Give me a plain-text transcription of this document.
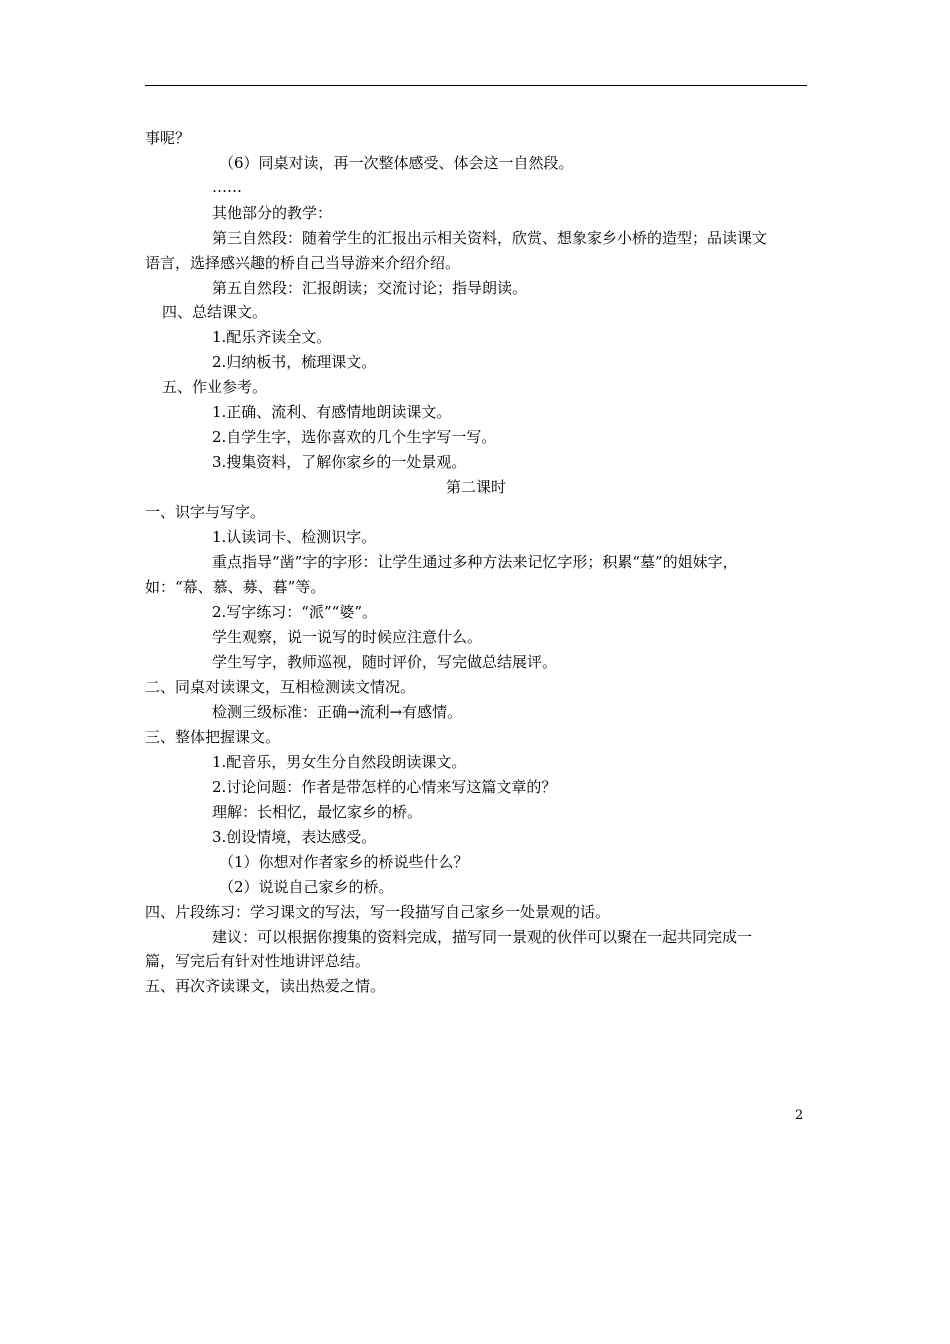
事呢？
（6）同桌对读，再一次整体感受、体会这一自然段。
……
其他部分的教学：
第三自然段：随着学生的汇报出示相关资料，欣赏、想象家乡小桥的造型；品读课文
语言，选择感兴趣的桥自己当导游来介绍介绍。
第五自然段：汇报朗读；交流讨论；指导朗读。
四、总结课文。
1.配乐齐读全文。
2.归纳板书，梳理课文。
五、作业参考。
1.正确、流利、有感情地朗读课文。
2.自学生字，选你喜欢的几个生字写一写。
3.搜集资料，了解你家乡的一处景观。
第二课时
一、识字与写字。
1.认读词卡、检测识字。
重点指导“凿”字的字形：让学生通过多种方法来记忆字形；积累“墓”的姐妹字，
如：“幕、慕、募、暮”等。
2.写字练习：“派”“婆”。
学生观察，说一说写的时候应注意什么。
学生写字，教师巡视，随时评价，写完做总结展评。
二、同桌对读课文，互相检测读文情况。
检测三级标准：正确→流利→有感情。
三、整体把握课文。
1.配音乐，男女生分自然段朗读课文。
2.讨论问题：作者是带怎样的心情来写这篇文章的？
理解：长相忆，最忆家乡的桥。
3.创设情境，表达感受。
（1）你想对作者家乡的桥说些什么？
（2）说说自己家乡的桥。
四、片段练习：学习课文的写法，写一段描写自己家乡一处景观的话。
建议：可以根据你搜集的资料完成，描写同一景观的伙伴可以聚在一起共同完成一
篇，写完后有针对性地讲评总结。
五、再次齐读课文，读出热爱之情。
2
